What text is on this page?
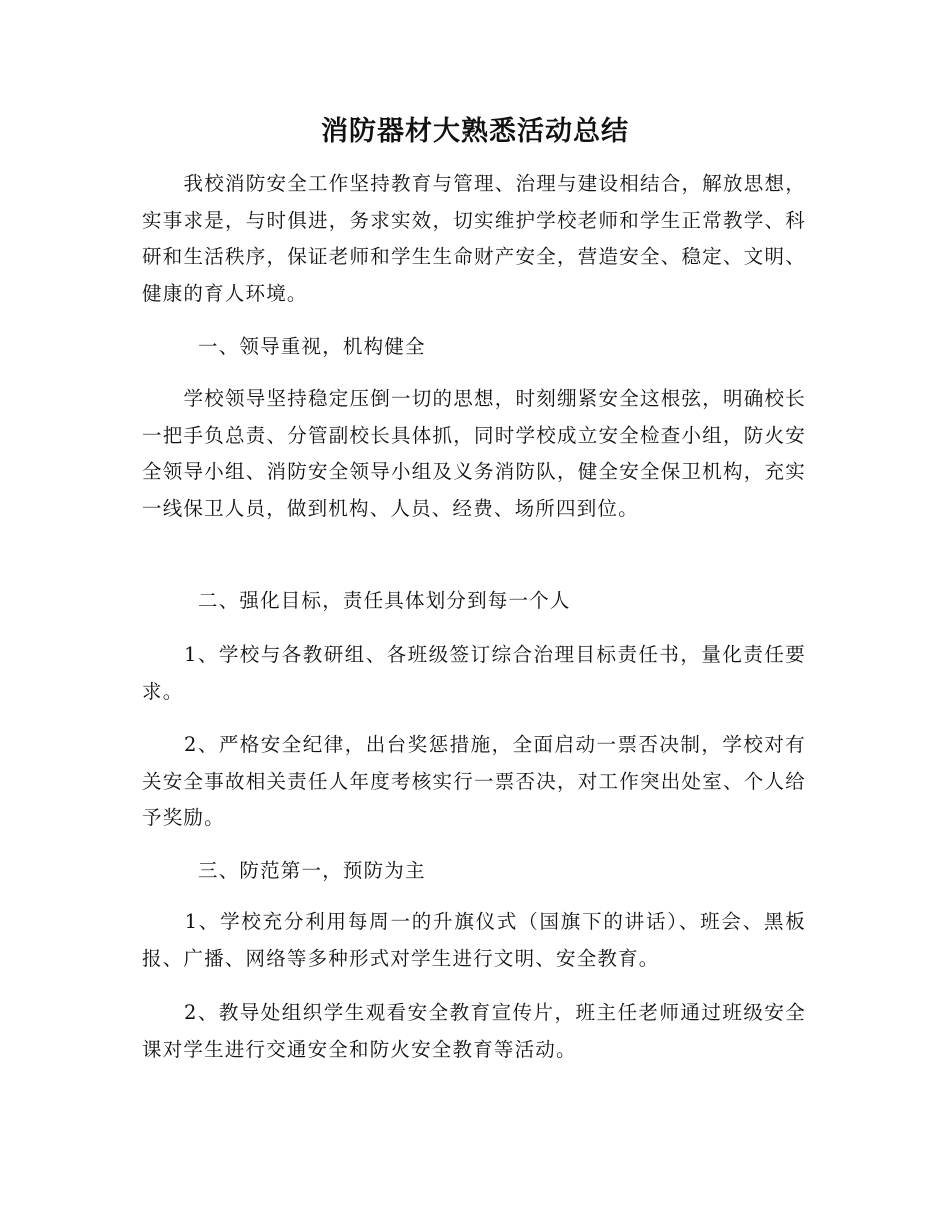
消防器材大熟悉活动总结

　　我校消防安全工作坚持教育与管理、治理与建设相结合，解放思想，实事求是，与时俱进，务求实效，切实维护学校老师和学生正常教学、科研和生活秩序，保证老师和学生生命财产安全，营造安全、稳定、文明、健康的育人环境。

一、领导重视，机构健全

　　学校领导坚持稳定压倒一切的思想，时刻绷紧安全这根弦，明确校长一把手负总责、分管副校长具体抓，同时学校成立安全检查小组，防火安全领导小组、消防安全领导小组及义务消防队，健全安全保卫机构，充实一线保卫人员，做到机构、人员、经费、场所四到位。

二、强化目标，责任具体划分到每一个人

　　1、学校与各教研组、各班级签订综合治理目标责任书，量化责任要求。

　　2、严格安全纪律，出台奖惩措施，全面启动一票否决制，学校对有关安全事故相关责任人年度考核实行一票否决，对工作突出处室、个人给予奖励。

三、防范第一，预防为主

　　1、学校充分利用每周一的升旗仪式（国旗下的讲话）、班会、黑板报、广播、网络等多种形式对学生进行文明、安全教育。

　　2、教导处组织学生观看安全教育宣传片，班主任老师通过班级安全课对学生进行交通安全和防火安全教育等活动。
